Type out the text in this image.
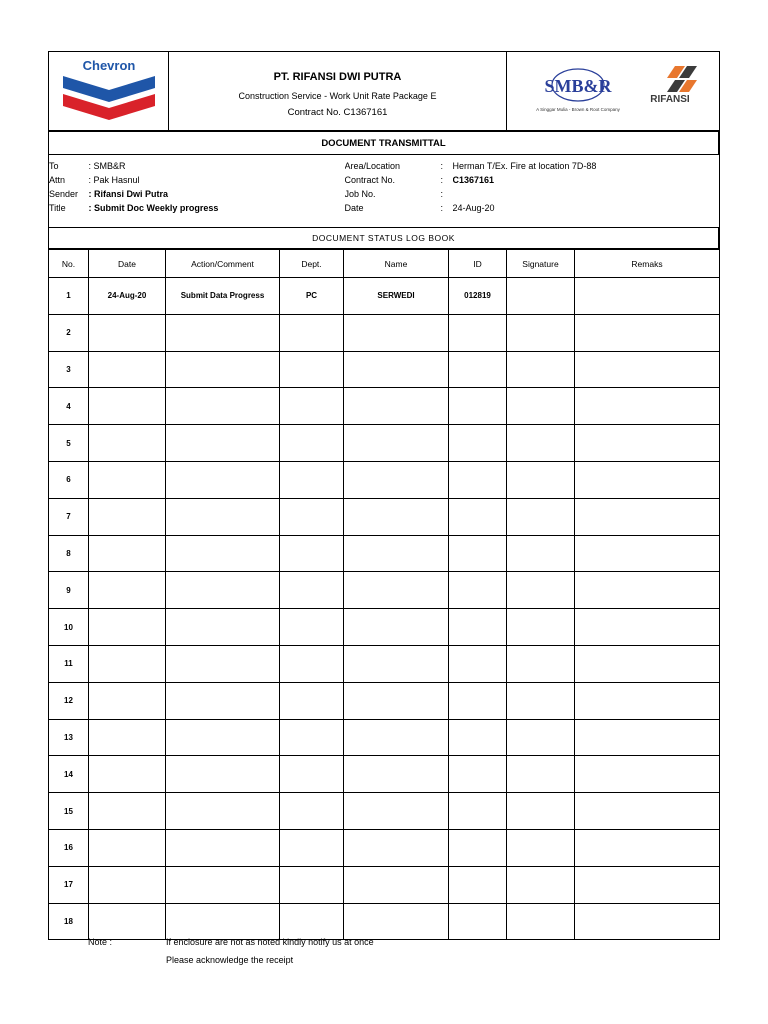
Chevron

PT. RIFANSI DWI PUTRA
Construction Service - Work Unit Rate Package E
Contract No. C1367161

SMB&R
A Singgar Mulia - Brown & Root Company
RIFANSI
DOCUMENT TRANSMITTAL

To	: SMB&R	Area/Location	:	Herman T/Ex. Fire at location 7D-88
Attn	: Pak Hasnul	Contract No.	:	C1367161
Sender	: Rifansi Dwi Putra	Job No.	:	
Title	: Submit Doc Weekly progress	Date	:	24-Aug-20

DOCUMENT STATUS LOG BOOK
No.	Date	Action/Comment	Dept.	Name	ID	Signature	Remaks
1	24-Aug-20	Submit Data Progress	PC	SERWEDI	012819		
2							
3							
4							
5							
6							
7							
8							
9							
10							
11							
12							
13							
14							
15							
16							
17							
18							
Note :	If enclosure are not as noted kindly notify us at once
Please acknowledge the receipt
